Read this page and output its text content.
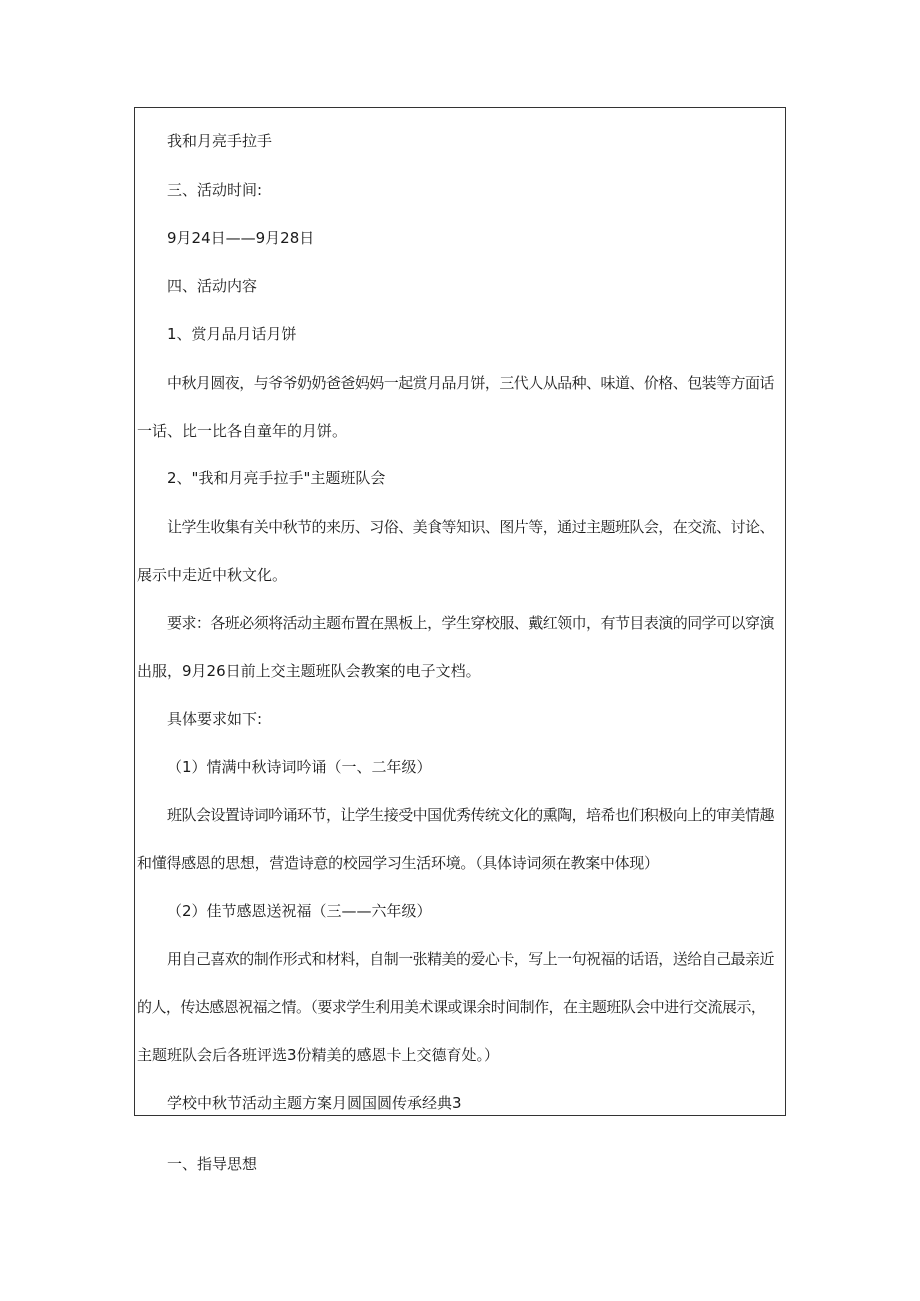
我和月亮手拉手

三、活动时间:

9月24日——9月28日

四、活动内容

1、赏月品月话月饼

中秋月圆夜，与爷爷奶奶爸爸妈妈一起赏月品月饼，三代人从品种、味道、价格、包装等方面话

一话、比一比各自童年的月饼。

2、"我和月亮手拉手"主题班队会

让学生收集有关中秋节的来历、习俗、美食等知识、图片等，通过主题班队会，在交流、讨论、

展示中走近中秋文化。

要求：各班必须将活动主题布置在黑板上，学生穿校服、戴红领巾，有节目表演的同学可以穿演

出服，9月26日前上交主题班队会教案的电子文档。

具体要求如下:

（1）情满中秋诗词吟诵（一、二年级）

班队会设置诗词吟诵环节，让学生接受中国优秀传统文化的熏陶，培希也们积极向上的审美情趣

和懂得感恩的思想，营造诗意的校园学习生活环境。（具体诗词须在教案中体现）

（2）佳节感恩送祝福（三——六年级）

用自己喜欢的制作形式和材料，自制一张精美的爱心卡，写上一句祝福的话语，送给自己最亲近

的人，传达感恩祝福之情。（要求学生利用美术课或课余时间制作，在主题班队会中进行交流展示，

主题班队会后各班评选3份精美的感恩卡上交德育处。）

学校中秋节活动主题方案月圆国圆传承经典3

一、指导思想
